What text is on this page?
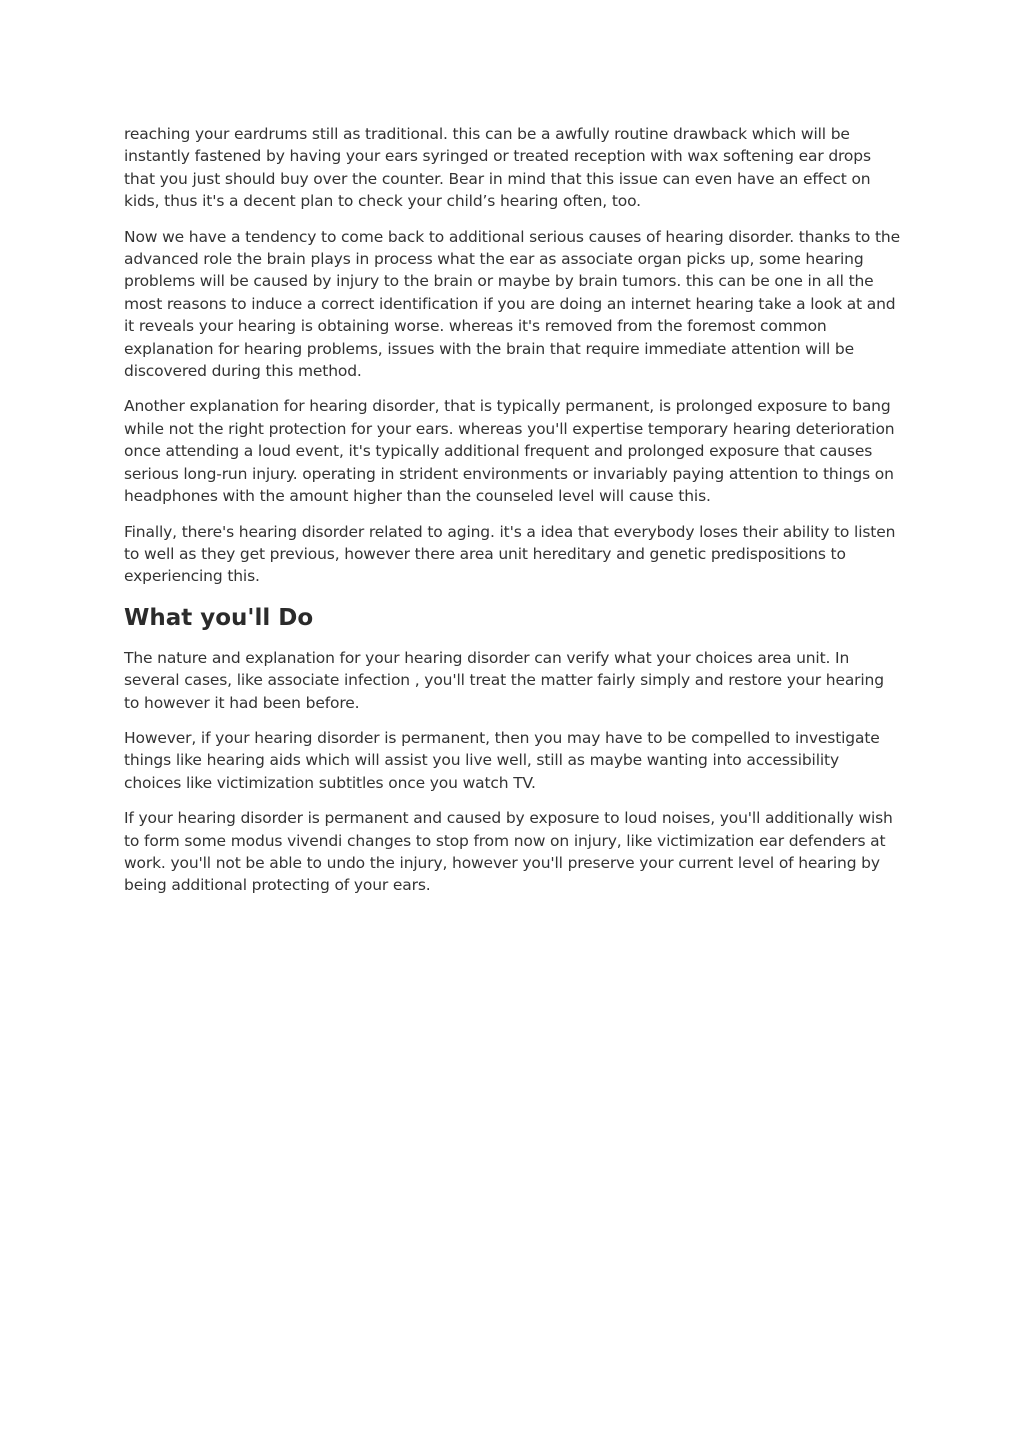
reaching your eardrums still as traditional. this can be a awfully routine drawback which will be instantly fastened by having your ears syringed or treated reception with wax softening ear drops that you just should buy over the counter. Bear in mind that this issue can even have an effect on kids, thus it's a decent plan to check your child’s hearing often, too.

Now we have a tendency to come back to additional serious causes of hearing disorder. thanks to the advanced role the brain plays in process what the ear as associate organ picks up, some hearing problems will be caused by injury to the brain or maybe by brain tumors. this can be one in all the most reasons to induce a correct identification if you are doing an internet hearing take a look at and it reveals your hearing is obtaining worse. whereas it's removed from the foremost common explanation for hearing problems, issues with the brain that require immediate attention will be discovered during this method.

Another explanation for hearing disorder, that is typically permanent, is prolonged exposure to bang while not the right protection for your ears. whereas you'll expertise temporary hearing deterioration once attending a loud event, it's typically additional frequent and prolonged exposure that causes serious long-run injury. operating in strident environments or invariably paying attention to things on headphones with the amount higher than the counseled level will cause this.

Finally, there's hearing disorder related to aging. it's a idea that everybody loses their ability to listen to well as they get previous, however there area unit hereditary and genetic predispositions to experiencing this.

What you'll Do

The nature and explanation for your hearing disorder can verify what your choices area unit. In several cases, like associate infection , you'll treat the matter fairly simply and restore your hearing to however it had been before.

However, if your hearing disorder is permanent, then you may have to be compelled to investigate things like hearing aids which will assist you live well, still as maybe wanting into accessibility choices like victimization subtitles once you watch TV.

If your hearing disorder is permanent and caused by exposure to loud noises, you'll additionally wish to form some modus vivendi changes to stop from now on injury, like victimization ear defenders at work. you'll not be able to undo the injury, however you'll preserve your current level of hearing by being additional protecting of your ears.
